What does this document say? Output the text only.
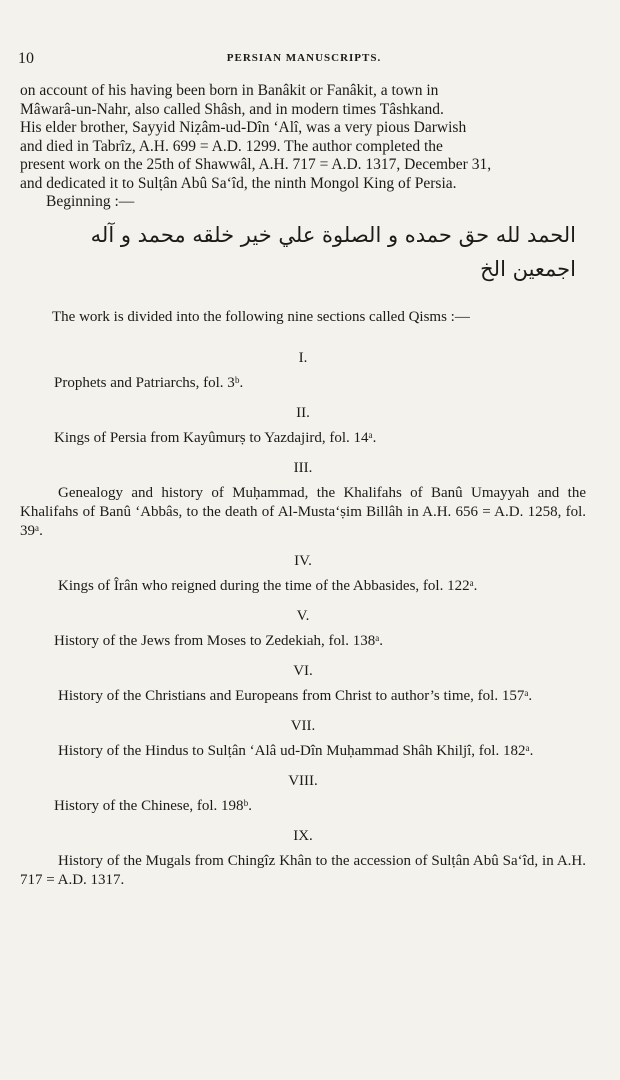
10	PERSIAN MANUSCRIPTS.
on account of his having been born in Banâkit or Fanâkit, a town in
Mâwarâ-un-Nahr, also called Shâsh, and in modern times Tâshkand.
His elder brother, Sayyid Niẓâm-ud-Dîn ‘Alî, was a very pious Darwish
and died in Tabrîz, A.H. 699 = A.D. 1299. The author completed the
present work on the 25th of Shawwâl, A.H. 717 = A.D. 1317, December 31,
and dedicated it to Sulṭân Abû Sa‘îd, the ninth Mongol King of Persia.
Beginning :—
الحمد لله حق حمده و الصلوة علي خير خلقه محمد و آله
اجمعين الخ
The work is divided into the following nine sections called Qisms :—
I.
Prophets and Patriarchs, fol. 3ᵇ.
II.
Kings of Persia from Kayûmurṣ to Yazdajird, fol. 14ᵃ.
III.
Genealogy and history of Muḥammad, the Khalifahs of Banû Umayyah and the Khalifahs of Banû ‘Abbâs, to the death of Al-Musta‘ṣim Billâh in A.H. 656 = A.D. 1258, fol. 39ᵃ.
IV.
Kings of Îrân who reigned during the time of the Abbasides, fol. 122ᵃ.
V.
History of the Jews from Moses to Zedekiah, fol. 138ᵃ.
VI.
History of the Christians and Europeans from Christ to author’s time, fol. 157ᵃ.
VII.
History of the Hindus to Sulṭân ‘Alâ ud-Dîn Muḥammad Shâh Khiljî, fol. 182ᵃ.
VIII.
History of the Chinese, fol. 198ᵇ.
IX.
History of the Mugals from Chingîz Khân to the accession of Sulṭân Abû Sa‘îd, in A.H. 717 = A.D. 1317.
